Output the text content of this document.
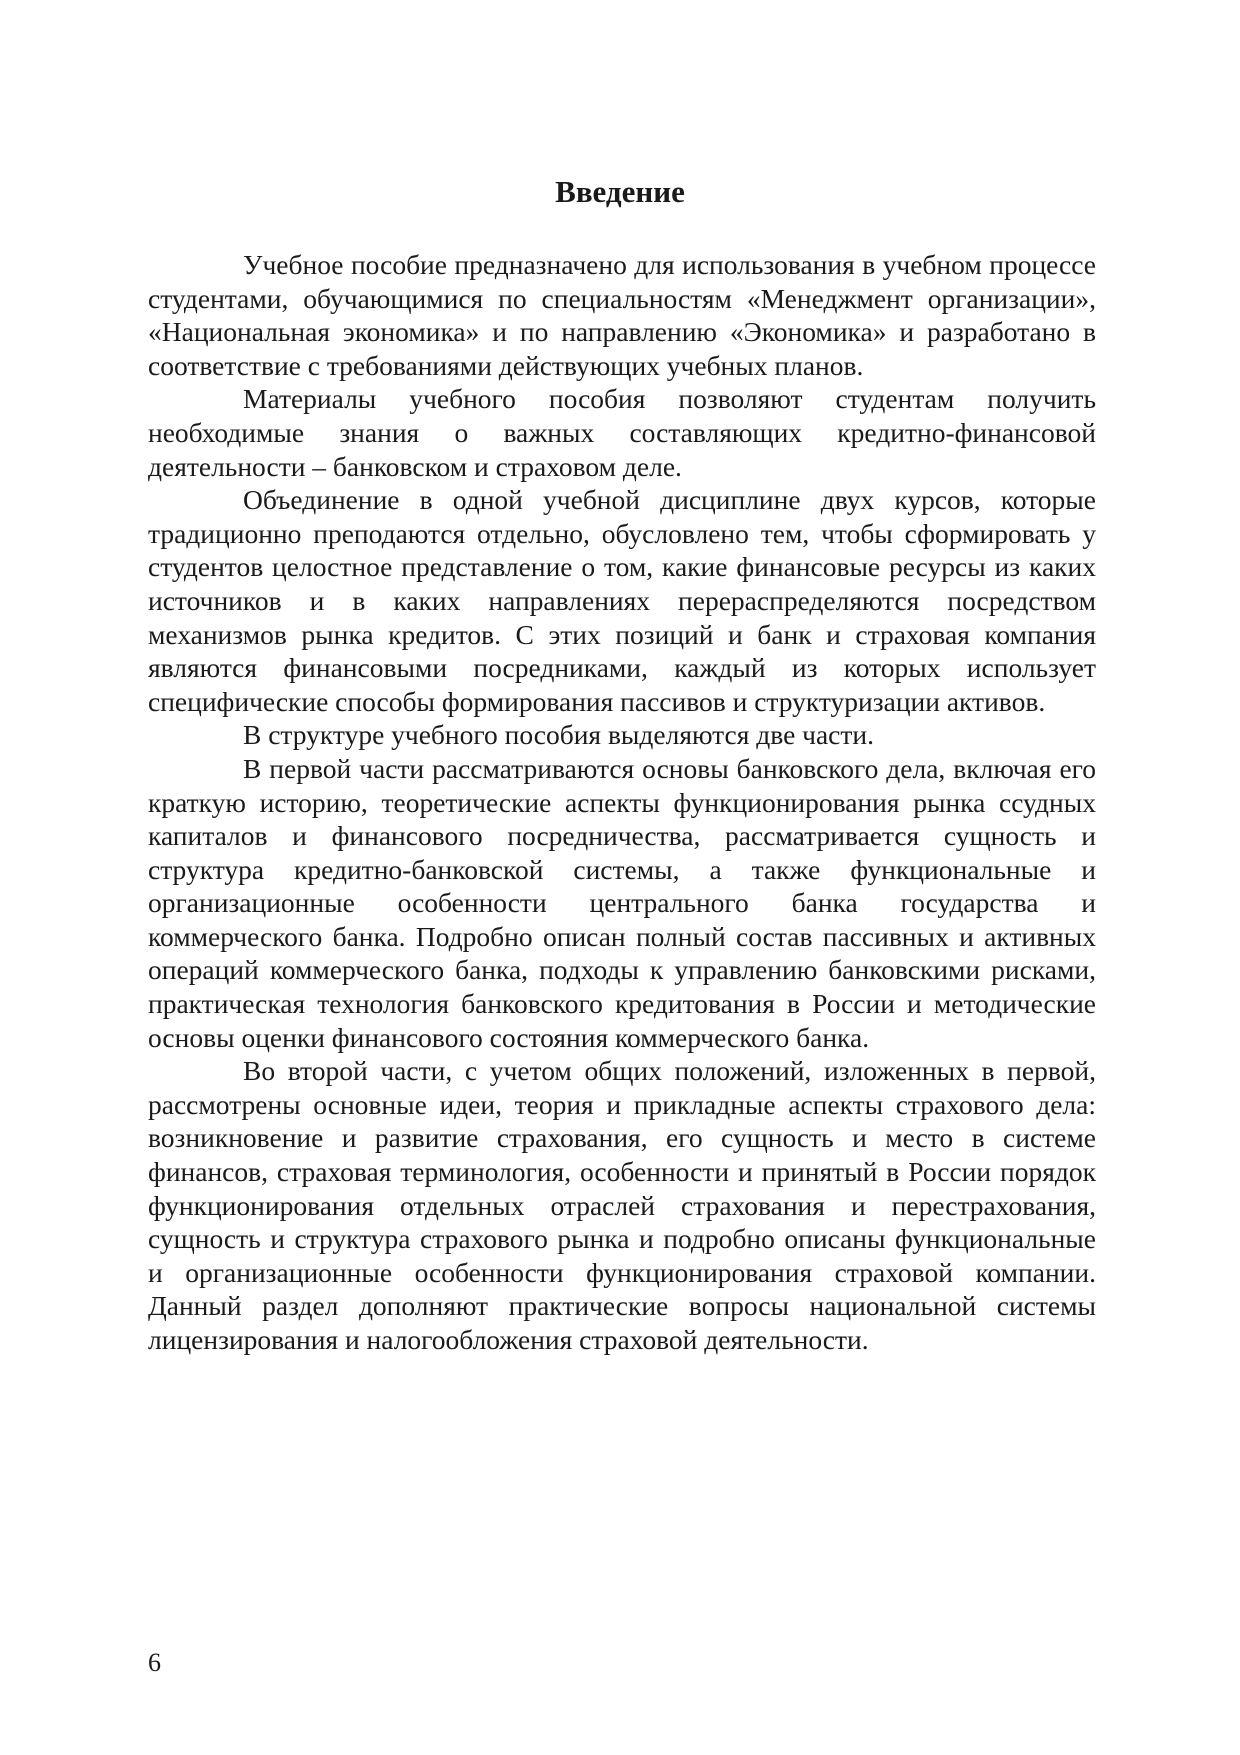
Введение

Учебное пособие предназначено для использования в учебном процессе студентами, обучающимися по специальностям «Менеджмент организации», «Национальная экономика» и по направлению «Экономика» и разработано в соответствие с требованиями действующих учебных планов.

Материалы учебного пособия позволяют студентам получить необходимые знания о важных составляющих кредитно-финансовой деятельности – банковском и страховом деле.

Объединение в одной учебной дисциплине двух курсов, которые традиционно преподаются отдельно, обусловлено тем, чтобы сформировать у студентов целостное представление о том, какие финансовые ресурсы из каких источников и в каких направлениях перераспределяются посредством механизмов рынка кредитов. С этих позиций и банк и страховая компания являются финансовыми посредниками, каждый из которых использует специфические способы формирования пассивов и структуризации активов.

В структуре учебного пособия выделяются две части.

В первой части рассматриваются основы банковского дела, включая его краткую историю, теоретические аспекты функционирования рынка ссудных капиталов и финансового посредничества, рассматривается сущность и структура кредитно-банковской системы, а также функциональные и организационные особенности центрального банка государства и коммерческого банка. Подробно описан полный состав пассивных и активных операций коммерческого банка, подходы к управлению банковскими рисками, практическая технология банковского кредитования в России и методические основы оценки финансового состояния коммерческого банка.

Во второй части, с учетом общих положений, изложенных в первой, рассмотрены основные идеи, теория и прикладные аспекты страхового дела: возникновение и развитие страхования, его сущность и место в системе финансов, страховая терминология, особенности и принятый в России порядок функционирования отдельных отраслей страхования и перестрахования, сущность и структура страхового рынка и подробно описаны функциональные и организационные особенности функционирования страховой компании. Данный раздел дополняют практические вопросы национальной системы лицензирования и налогообложения страховой деятельности.

6
